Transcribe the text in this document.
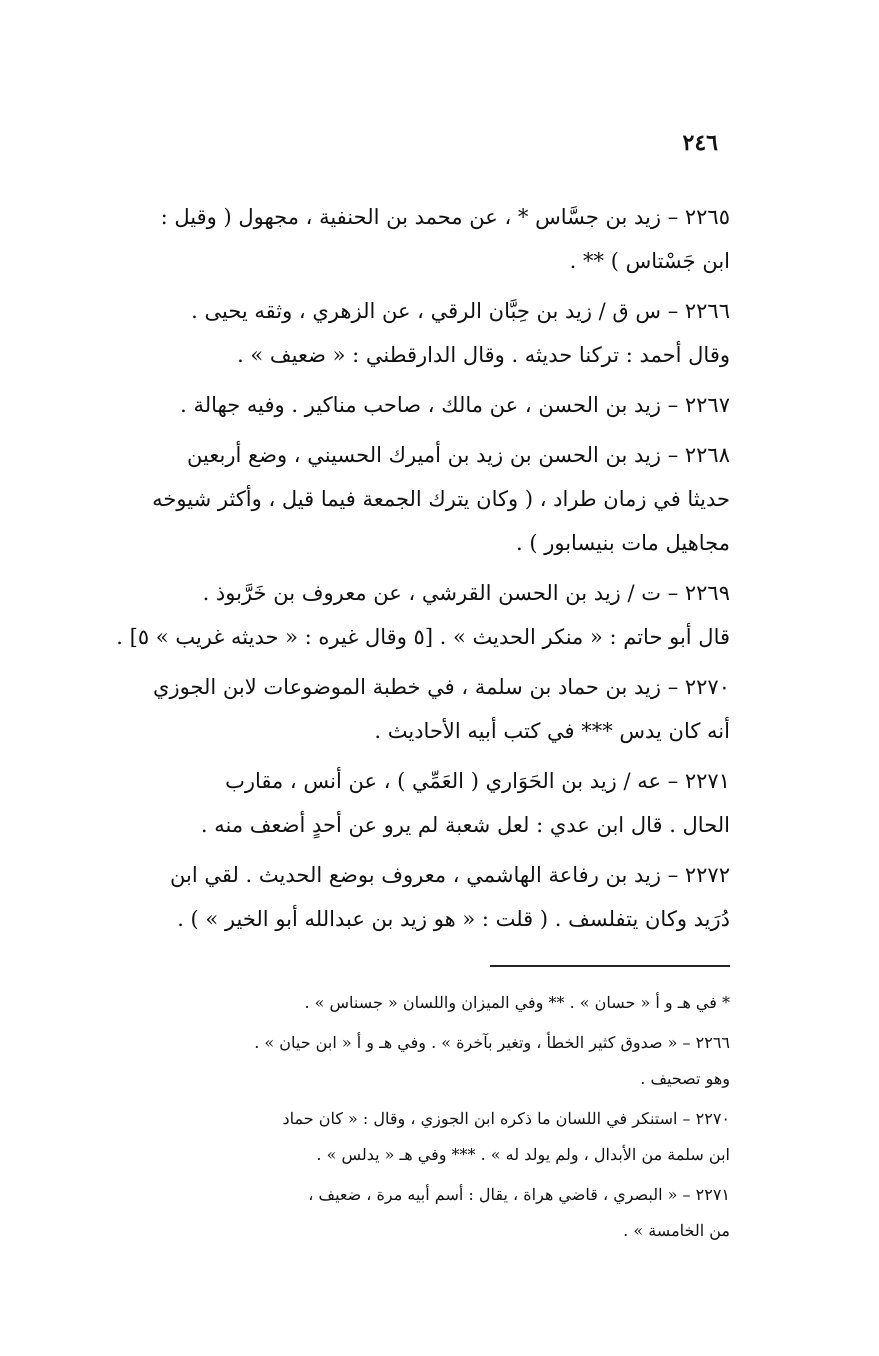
٢٤٦
٢٢٦٥ – زيد بن جسَّاس * ، عن محمد بن الحنفية ، مجهول ( وقيل :
ابن جَسْتاس ) ** .
٢٢٦٦ – س ق / زيد بن حِبَّان الرقي ، عن الزهري ، وثقه يحيى .
وقال أحمد : تركنا حديثه . وقال الدارقطني : « ضعيف » .
٢٢٦٧ – زيد بن الحسن ، عن مالك ، صاحب مناكير . وفيه جهالة .
٢٢٦٨ – زيد بن الحسن بن زيد بن أميرك الحسيني ، وضع أربعين
حديثا في زمان طراد ، ( وكان يترك الجمعة فيما قيل ، وأكثر شيوخه
مجاهيل مات بنيسابور ) .
٢٢٦٩ – ت / زيد بن الحسن القرشي ، عن معروف بن خَرَّبوذ .
قال أبو حاتم : « منكر الحديث » . [٥ وقال غيره : « حديثه غريب » ٥] .
٢٢٧٠ – زيد بن حماد بن سلمة ، في خطبة الموضوعات لابن الجوزي
أنه كان يدس *** في كتب أبيه الأحاديث .
٢٢٧١ – عه / زيد بن الحَوَاري ( العَمِّي ) ، عن أنس ، مقارب
الحال . قال ابن عدي : لعل شعبة لم يرو عن أحدٍ أضعف منه .
٢٢٧٢ – زيد بن رفاعة الهاشمي ، معروف بوضع الحديث . لقي ابن
دُرَيد وكان يتفلسف . ( قلت : « هو زيد بن عبدالله أبو الخير » ) .
* في هـ و أ « حسان » . ** وفي الميزان واللسان « جسناس » .
٢٢٦٦ – « صدوق كثير الخطأ ، وتغير بآخرة » . وفي هـ و أ « ابن حيان » .
وهو تصحيف .
٢٢٧٠ – استنكر في اللسان ما ذكره ابن الجوزي ، وقال : « كان حماد
ابن سلمة من الأبدال ، ولم يولد له » . *** وفي هـ « يدلس » .
٢٢٧١ – « البصري ، قاضي هراة ، يقال : أسم أبيه مرة ، ضعيف ،
من الخامسة » .
